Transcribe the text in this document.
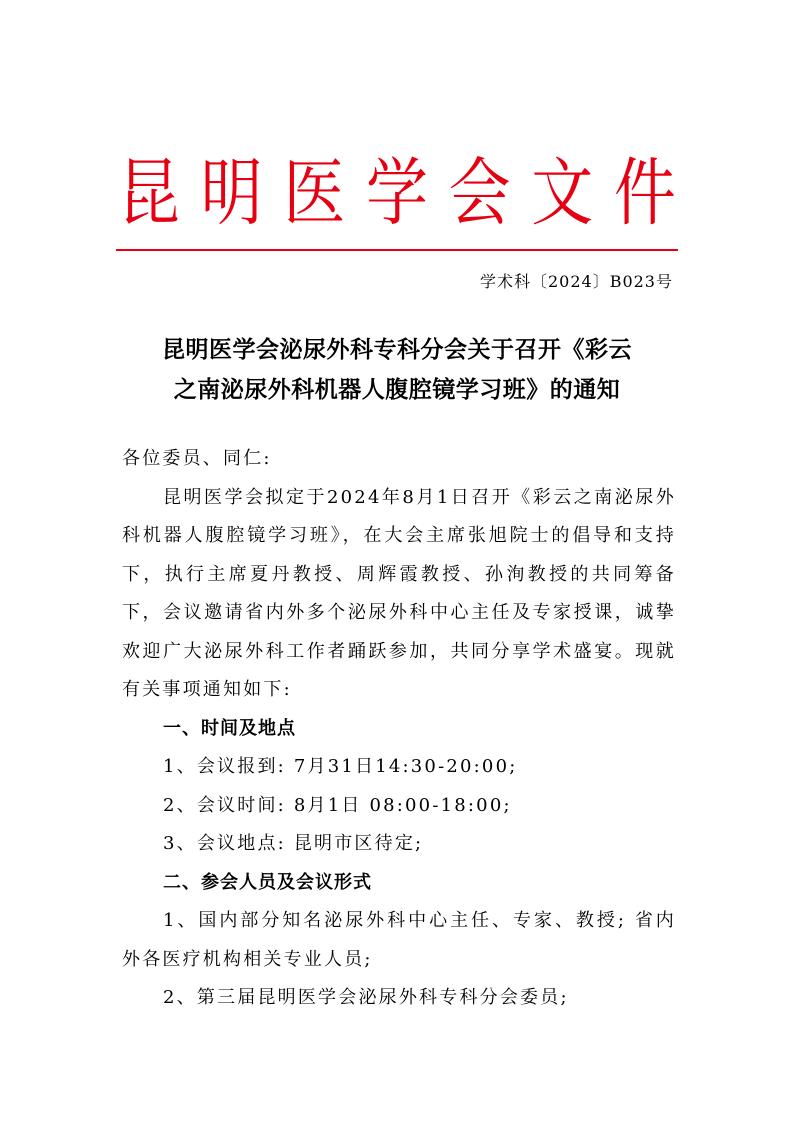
昆 明 医 学 会 文 件
学术科〔2024〕B023号
昆明医学会泌尿外科专科分会关于召开《彩云
之南泌尿外科机器人腹腔镜学习班》的通知

各位委员、同仁:

昆明医学会拟定于2024年8月1日召开《彩云之南泌尿外科机器人腹腔镜学习班》，在大会主席张旭院士的倡导和支持下，执行主席夏丹教授、周辉霞教授、孙洵教授的共同筹备下，会议邀请省内外多个泌尿外科中心主任及专家授课，诚挚欢迎广大泌尿外科工作者踊跃参加，共同分享学术盛宴。现就有关事项通知如下:

一、时间及地点

1、会议报到: 7月31日14:30-20:00;

2、会议时间: 8月1日 08:00-18:00;

3、会议地点: 昆明市区待定;

二、参会人员及会议形式

1、国内部分知名泌尿外科中心主任、专家、教授; 省内外各医疗机构相关专业人员;

2、第三届昆明医学会泌尿外科专科分会委员;
